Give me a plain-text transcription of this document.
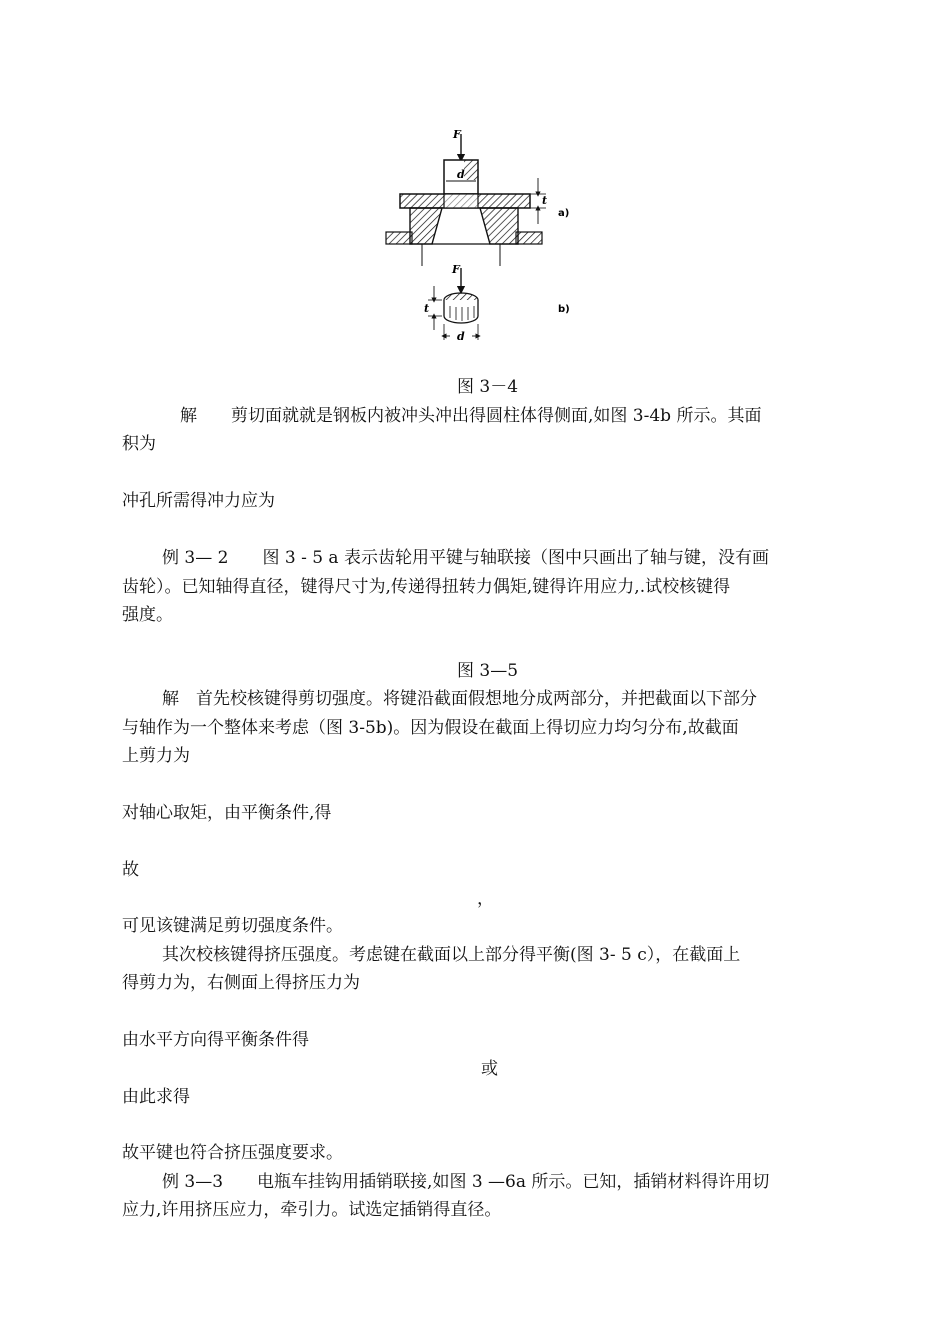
F
d
t
a)
F
t
d
b)
图 3－4
解　　剪切面就就是钢板内被冲头冲出得圆柱体得侧面,如图 3-4b 所示。其面
积为
冲孔所需得冲力应为
例 3— 2　　图 3 - 5 a 表示齿轮用平键与轴联接（图中只画出了轴与键，没有画
齿轮）。已知轴得直径，键得尺寸为,传递得扭转力偶矩,键得许用应力,.试校核键得
强度。
图 3—5
解　首先校核键得剪切强度。将键沿截面假想地分成两部分，并把截面以下部分
与轴作为一个整体来考虑（图 3-5b)。因为假设在截面上得切应力均匀分布,故截面
上剪力为
对轴心取矩，由平衡条件,得
故
，
可见该键满足剪切强度条件。
其次校核键得挤压强度。考虑键在截面以上部分得平衡(图 3- 5 c），在截面上
得剪力为，右侧面上得挤压力为
由水平方向得平衡条件得
或
由此求得
故平键也符合挤压强度要求。
例 3—3　　电瓶车挂钩用插销联接,如图 3 —6a 所示。已知，插销材料得许用切
应力,许用挤压应力，牵引力。试选定插销得直径。
